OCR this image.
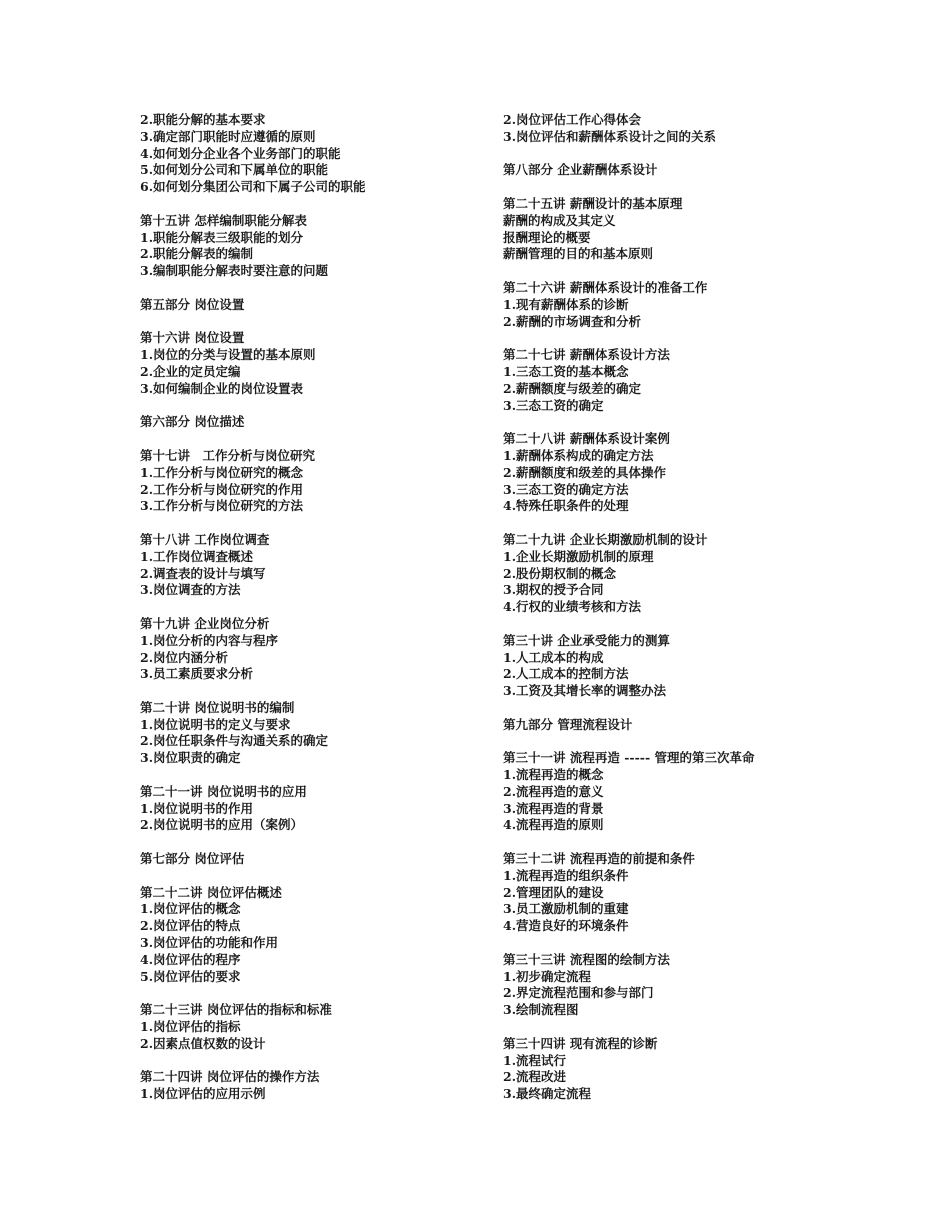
2.职能分解的基本要求
3.确定部门职能时应遵循的原则
4.如何划分企业各个业务部门的职能
5.如何划分公司和下属单位的职能
6.如何划分集团公司和下属子公司的职能
第十五讲 怎样编制职能分解表
1.职能分解表三级职能的划分
2.职能分解表的编制
3.编制职能分解表时要注意的问题
第五部分 岗位设置
第十六讲 岗位设置
1.岗位的分类与设置的基本原则
2.企业的定员定编
3.如何编制企业的岗位设置表
第六部分 岗位描述
第十七讲　工作分析与岗位研究
1.工作分析与岗位研究的概念
2.工作分析与岗位研究的作用
3.工作分析与岗位研究的方法
第十八讲 工作岗位调查
1.工作岗位调查概述
2.调查表的设计与填写
3.岗位调查的方法
第十九讲 企业岗位分析
1.岗位分析的内容与程序
2.岗位内涵分析
3.员工素质要求分析
第二十讲 岗位说明书的编制
1.岗位说明书的定义与要求
2.岗位任职条件与沟通关系的确定
3.岗位职责的确定
第二十一讲 岗位说明书的应用
1.岗位说明书的作用
2.岗位说明书的应用（案例）
第七部分 岗位评估
第二十二讲 岗位评估概述
1.岗位评估的概念
2.岗位评估的特点
3.岗位评估的功能和作用
4.岗位评估的程序
5.岗位评估的要求
第二十三讲 岗位评估的指标和标准
1.岗位评估的指标
2.因素点值权数的设计
第二十四讲 岗位评估的操作方法
1.岗位评估的应用示例
2.岗位评估工作心得体会
3.岗位评估和薪酬体系设计之间的关系
第八部分 企业薪酬体系设计
第二十五讲 薪酬设计的基本原理
薪酬的构成及其定义
报酬理论的概要
薪酬管理的目的和基本原则
第二十六讲 薪酬体系设计的准备工作
1.现有薪酬体系的诊断
2.薪酬的市场调查和分析
第二十七讲 薪酬体系设计方法
1.三态工资的基本概念
2.薪酬额度与级差的确定
3.三态工资的确定
第二十八讲 薪酬体系设计案例
1.薪酬体系构成的确定方法
2.薪酬额度和级差的具体操作
3.三态工资的确定方法
4.特殊任职条件的处理
第二十九讲 企业长期激励机制的设计
1.企业长期激励机制的原理
2.股份期权制的概念
3.期权的授予合同
4.行权的业绩考核和方法
第三十讲 企业承受能力的测算
1.人工成本的构成
2.人工成本的控制方法
3.工资及其增长率的调整办法
第九部分 管理流程设计
第三十一讲 流程再造 ----- 管理的第三次革命
1.流程再造的概念
2.流程再造的意义
3.流程再造的背景
4.流程再造的原则
第三十二讲 流程再造的前提和条件
1.流程再造的组织条件
2.管理团队的建设
3.员工激励机制的重建
4.营造良好的环境条件
第三十三讲 流程图的绘制方法
1.初步确定流程
2.界定流程范围和参与部门
3.绘制流程图
第三十四讲 现有流程的诊断
1.流程试行
2.流程改进
3.最终确定流程
